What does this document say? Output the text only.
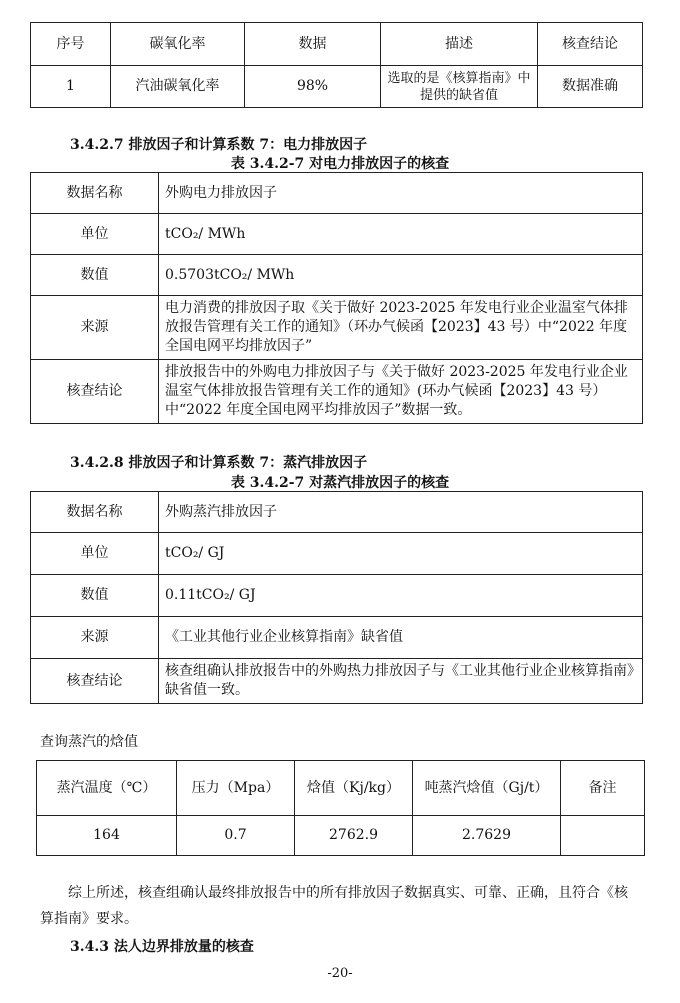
序号	碳氧化率	数据	描述	核查结论
1	汽油碳氧化率	98%	选取的是《核算指南》中提供的缺省值	数据准确
3.4.2.7 排放因子和计算系数 7：电力排放因子
表 3.4.2-7 对电力排放因子的核查
数据名称	外购电力排放因子
单位	tCO₂/ MWh
数值	0.5703tCO₂/ MWh
来源	电力消费的排放因子取《关于做好 2023-2025 年发电行业企业温室气体排放报告管理有关工作的通知》（环办气候函【2023】43 号）中“2022 年度全国电网平均排放因子”
核查结论	排放报告中的外购电力排放因子与《关于做好 2023-2025 年发电行业企业温室气体排放报告管理有关工作的通知》(环办气候函【2023】43 号）中“2022 年度全国电网平均排放因子”数据一致。
3.4.2.8 排放因子和计算系数 7：蒸汽排放因子
表 3.4.2-7 对蒸汽排放因子的核查
数据名称	外购蒸汽排放因子
单位	tCO₂/ GJ
数值	0.11tCO₂/ GJ
来源	《工业其他行业企业核算指南》缺省值
核查结论	核查组确认排放报告中的外购热力排放因子与《工业其他行业企业核算指南》缺省值一致。
查询蒸汽的焓值
蒸汽温度（℃）	压力（Mpa）	焓值（Kj/kg）	吨蒸汽焓值（Gj/t）	备注
164	0.7	2762.9	2.7629	
综上所述，核查组确认最终排放报告中的所有排放因子数据真实、可靠、正确，且符合《核算指南》要求。
3.4.3 法人边界排放量的核查
-20-
